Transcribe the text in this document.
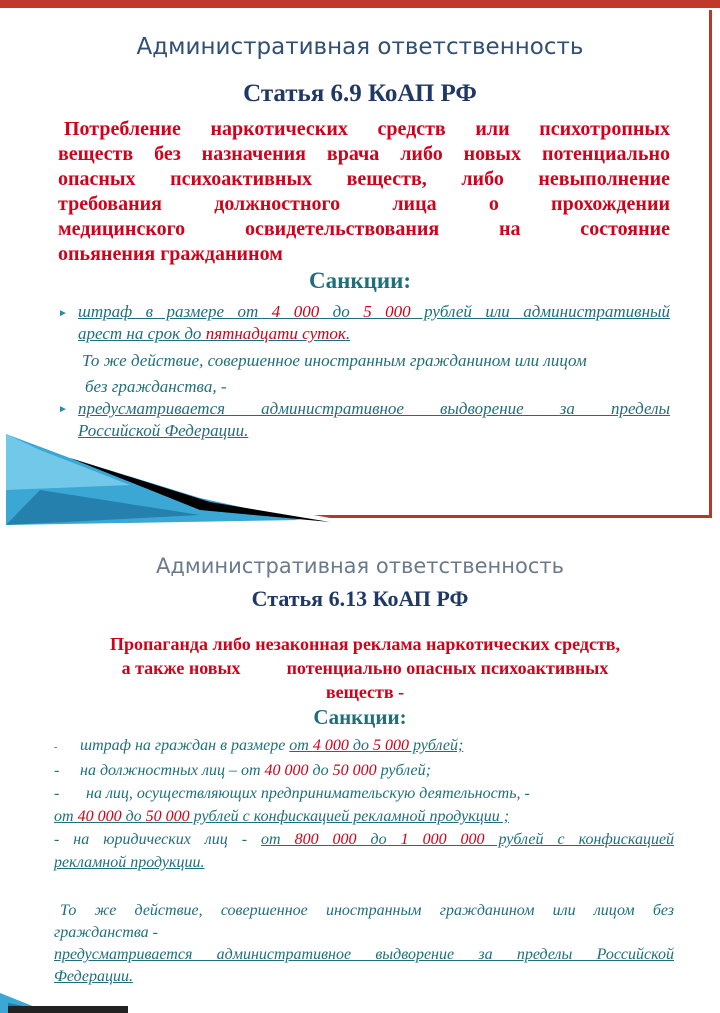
Административная ответственность
Статья 6.9 КоАП РФ
Потребление наркотических средств или психотропных
веществ без назначения врача либо новых потенциально
опасных психоактивных веществ, либо невыполнение
требования должностного лица о прохождении
медицинского освидетельствования на состояние
опьянения гражданином
Санкции:
► штраф в размере от 4 000 до 5 000 рублей или административный
арест на срок до пятнадцати суток.
То же действие, совершенное иностранным гражданином или лицом
без гражданства, -
► предусматривается административное выдворение за пределы
Российской Федерации.
Административная ответственность
Статья 6.13 КоАП РФ
Пропаганда либо незаконная реклама наркотических средств,
а также новых	потенциально опасных психоактивных
веществ -
Санкции:
- штраф на граждан в размере от 4 000 до 5 000 рублей;
- на должностных лиц – от 40 000 до 50 000 рублей;
- на лиц, осуществляющих предпринимательскую деятельность, -
от 40 000 до 50 000 рублей с конфискацией рекламной продукции ;
- на юридических лиц - от 800 000 до 1 000 000 рублей с конфискацией
рекламной продукции.
То же действие, совершенное иностранным гражданином или лицом без
гражданства -
предусматривается административное выдворение за пределы Российской
Федерации.
